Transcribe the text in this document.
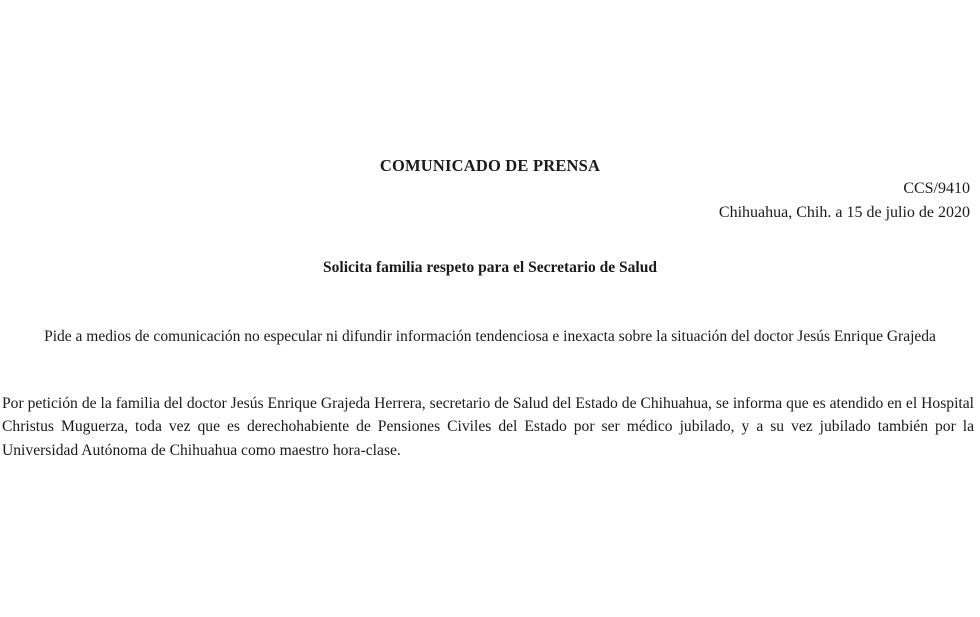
COMUNICADO DE PRENSA
CCS/9410
Chihuahua, Chih. a 15 de julio de 2020
Solicita familia respeto para el Secretario de Salud
Pide a medios de comunicación no especular ni difundir información tendenciosa e inexacta sobre la situación del doctor Jesús Enrique Grajeda

Por petición de la familia del doctor Jesús Enrique Grajeda Herrera, secretario de Salud del Estado de Chihuahua, se informa que es atendido en el Hospital Christus Muguerza, toda vez que es derechohabiente de Pensiones Civiles del Estado por ser médico jubilado, y a su vez jubilado también por la Universidad Autónoma de Chihuahua como maestro hora-clase.
